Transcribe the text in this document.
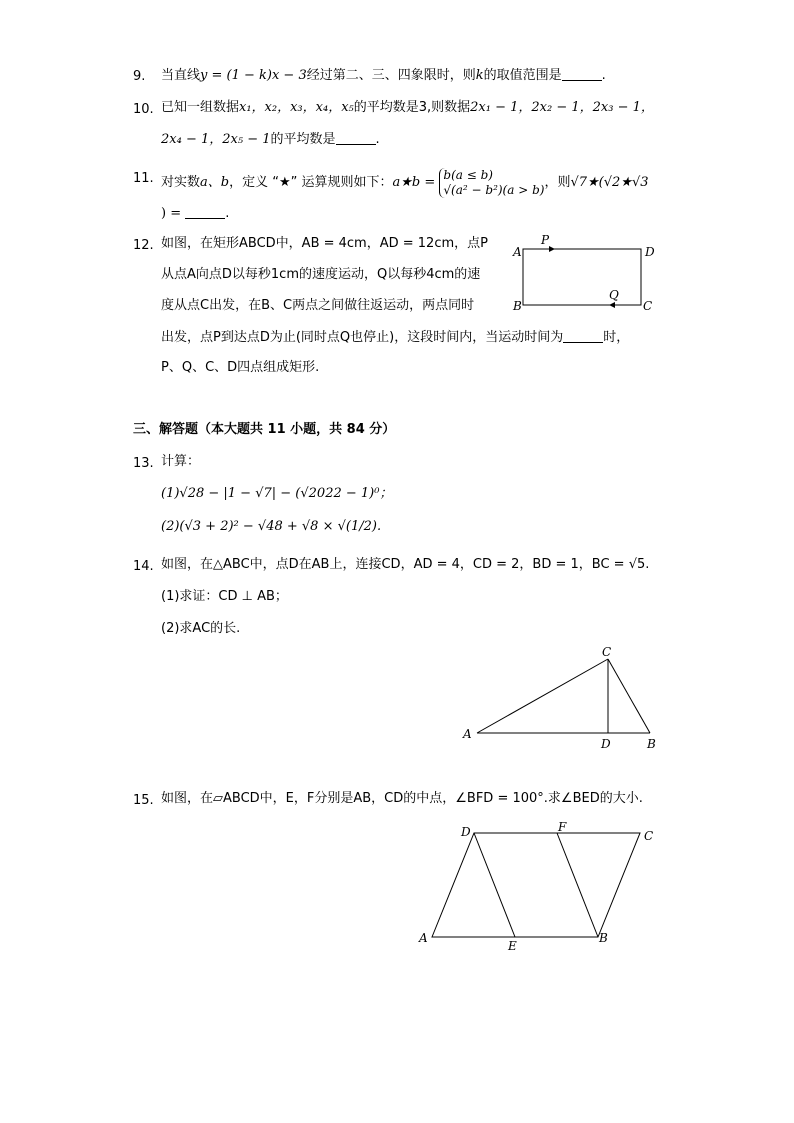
9. 当直线y = (1 − k)x − 3经过第二、三、四象限时，则k的取值范围是	.
10. 已知一组数据x₁，x₂，x₃，x₄，x₅的平均数是3,则数据2x₁ − 1，2x₂ − 1，2x₃ − 1，
2x₄ − 1，2x₅ − 1的平均数是	.
11. 对实数a、b，定义 “★” 运算规则如下：a★b =
b(a ≤ b)
√(a² − b²)(a > b) ，则√7★(√2★√3
) =	.
12. 如图，在矩形ABCD中，AB = 4cm，AD = 12cm，点P
从点A向点D以每秒1cm的速度运动，Q以每秒4cm的速
度从点C出发，在B、C两点之间做往返运动，两点同时
出发，点P到达点D为止(同时点Q也停止)，这段时间内，当运动时间为	时，
P、Q、C、D四点组成矩形.
A
P
D
B
Q
C
三、解答题（本大题共 11 小题，共 84 分）
13. 计算：
(1)√28 − |1 − √7| − (√2022 − 1)⁰；
(2)(√3 + 2)² − √48 + √8 × √(1/2).
14. 如图，在△ABC中，点D在AB上，连接CD，AD = 4，CD = 2，BD = 1，BC = √5.
(1)求证：CD ⊥ AB；
(2)求AC的长.
A
C
D	B
15. 如图，在▱ABCD中，E，F分别是AB，CD的中点，∠BFD = 100°.求∠BED的大小.
A
D	F
C
E
B
